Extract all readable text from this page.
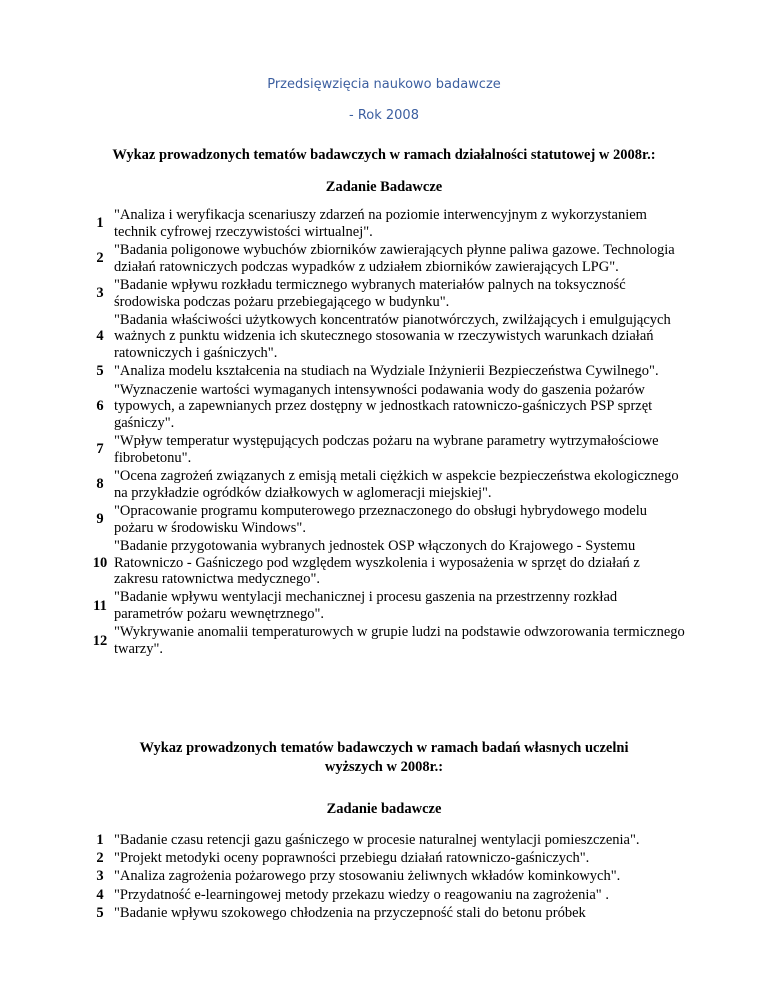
Przedsięwzięcia naukowo badawcze
- Rok 2008
Wykaz prowadzonych tematów badawczych w ramach działalności statutowej w 2008r.:
Zadanie Badawcze
1
"Analiza i weryfikacja scenariuszy zdarzeń na poziomie interwencyjnym z wykorzystaniem technik cyfrowej rzeczywistości wirtualnej".
2
"Badania poligonowe wybuchów zbiorników zawierających płynne paliwa gazowe. Technologia działań ratowniczych podczas wypadków z udziałem zbiorników zawierających LPG".
3
"Badanie wpływu rozkładu termicznego wybranych materiałów palnych na toksyczność środowiska podczas pożaru przebiegającego w budynku".
4
"Badania właściwości użytkowych koncentratów pianotwórczych, zwilżających i emulgujących ważnych z punktu widzenia ich skutecznego stosowania w rzeczywistych warunkach działań ratowniczych i gaśniczych".
5 "Analiza modelu kształcenia na studiach na Wydziale Inżynierii Bezpieczeństwa Cywilnego".
6
"Wyznaczenie wartości wymaganych intensywności podawania wody do gaszenia pożarów typowych, a zapewnianych przez dostępny w jednostkach ratowniczo-gaśniczych PSP sprzęt gaśniczy".
7
"Wpływ temperatur występujących podczas pożaru na wybrane parametry wytrzymałościowe fibrobetonu".
8
"Ocena zagrożeń związanych z emisją metali ciężkich w aspekcie bezpieczeństwa ekologicznego na przykładzie ogródków działkowych w aglomeracji miejskiej".
9
"Opracowanie programu komputerowego przeznaczonego do obsługi hybrydowego modelu pożaru w środowisku Windows".
10
"Badanie przygotowania wybranych jednostek OSP włączonych do Krajowego - Systemu Ratowniczo - Gaśniczego pod względem wyszkolenia i wyposażenia w sprzęt do działań z zakresu ratownictwa medycznego".
11
"Badanie wpływu wentylacji mechanicznej i procesu gaszenia na przestrzenny rozkład parametrów pożaru wewnętrznego".
12
"Wykrywanie anomalii temperaturowych w grupie ludzi na podstawie odwzorowania termicznego twarzy".
Wykaz prowadzonych tematów badawczych w ramach badań własnych uczelni wyższych w 2008r.:
Zadanie badawcze
1 "Badanie czasu retencji gazu gaśniczego w procesie naturalnej wentylacji pomieszczenia".
2 "Projekt metodyki oceny poprawności przebiegu działań ratowniczo-gaśniczych".
3 "Analiza zagrożenia pożarowego przy stosowaniu żeliwnych wkładów kominkowych".
4 "Przydatność e-learningowej metody przekazu wiedzy o reagowaniu na zagrożenia" .
5 "Badanie wpływu szokowego chłodzenia na przyczepność stali do betonu próbek
